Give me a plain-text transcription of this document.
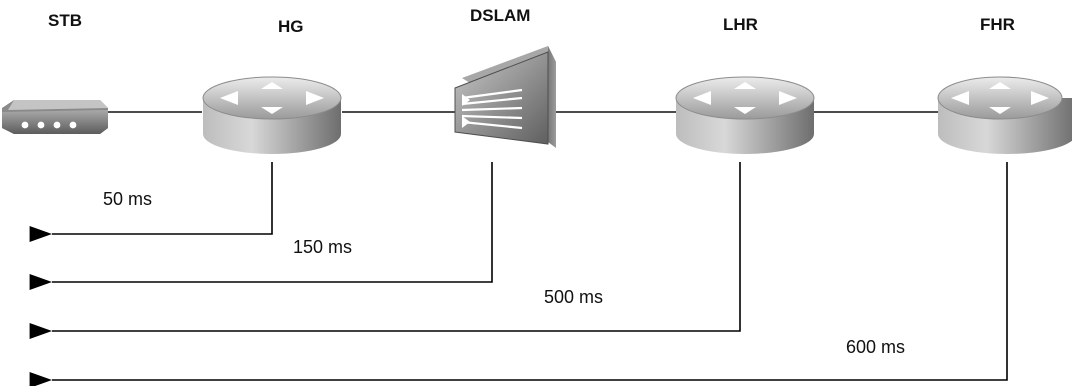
STB	HG
DSLAM	LHR	FHR
50 ms
150 ms
500 ms
600 ms
